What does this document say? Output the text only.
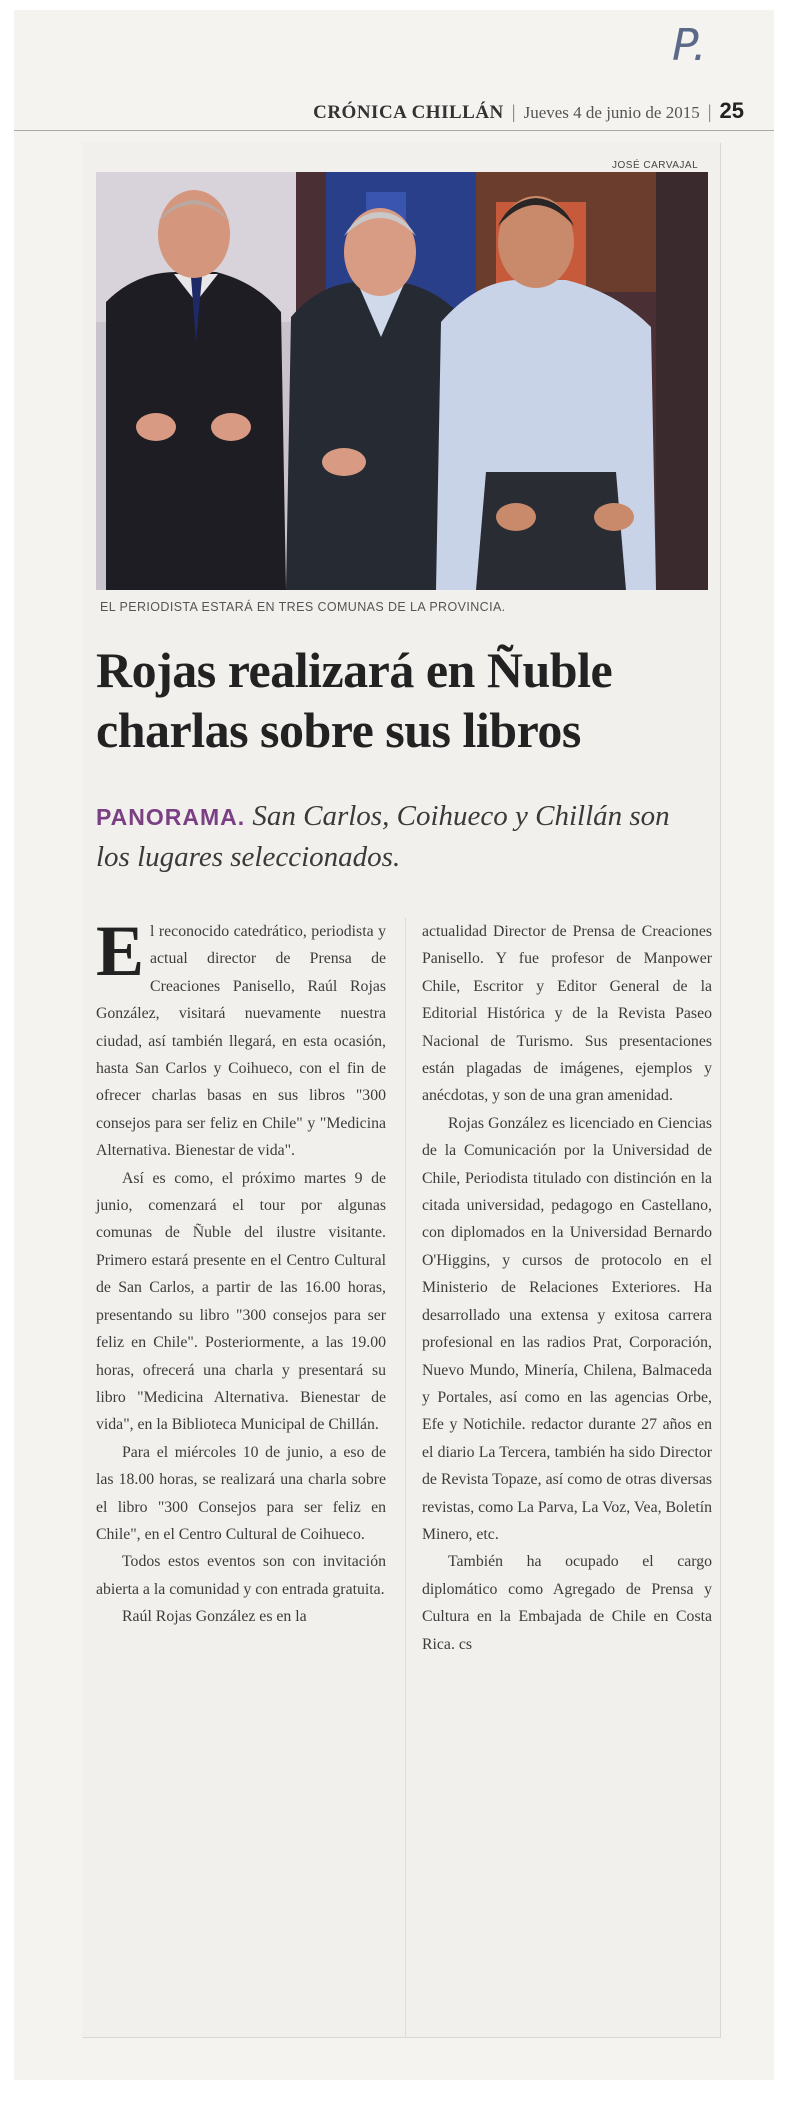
P.
CRÓNICA CHILLÁN | Jueves 4 de junio de 2015 | 25
JOSÉ CARVAJAL
EL PERIODISTA ESTARÁ EN TRES COMUNAS DE LA PROVINCIA.
Rojas realizará en Ñuble
charlas sobre sus libros
PANORAMA. San Carlos, Coihueco y Chillán son los lugares seleccionados.

El reconocido catedrático, periodista y actual director de Prensa de Creaciones Panisello, Raúl Rojas González, visitará nuevamente nuestra ciudad, así también llegará, en esta ocasión, hasta San Carlos y Coihueco, con el fin de ofrecer charlas basas en sus libros "300 consejos para ser feliz en Chile" y "Medicina Alternativa. Bienestar de vida".

Así es como, el próximo martes 9 de junio, comenzará el tour por algunas comunas de Ñuble del ilustre visitante. Primero estará presente en el Centro Cultural de San Carlos, a partir de las 16.00 horas, presentando su libro "300 consejos para ser feliz en Chile". Posteriormente, a las 19.00 horas, ofrecerá una charla y presentará su libro "Medicina Alternativa. Bienestar de vida", en la Biblioteca Municipal de Chillán.

Para el miércoles 10 de junio, a eso de las 18.00 horas, se realizará una charla sobre el libro "300 Consejos para ser feliz en Chile", en el Centro Cultural de Coihueco.

Todos estos eventos son con invitación abierta a la comunidad y con entrada gratuita.

Raúl Rojas González es en la

actualidad Director de Prensa de Creaciones Panisello. Y fue profesor de Manpower Chile, Escritor y Editor General de la Editorial Histórica y de la Revista Paseo Nacional de Turismo. Sus presentaciones están plagadas de imágenes, ejemplos y anécdotas, y son de una gran amenidad.

Rojas González es licenciado en Ciencias de la Comunicación por la Universidad de Chile, Periodista titulado con distinción en la citada universidad, pedagogo en Castellano, con diplomados en la Universidad Bernardo O'Higgins, y cursos de protocolo en el Ministerio de Relaciones Exteriores. Ha desarrollado una extensa y exitosa carrera profesional en las radios Prat, Corporación, Nuevo Mundo, Minería, Chilena, Balmaceda y Portales, así como en las agencias Orbe, Efe y Notichile. redactor durante 27 años en el diario La Tercera, también ha sido Director de Revista Topaze, así como de otras diversas revistas, como La Parva, La Voz, Vea, Boletín Minero, etc.

También ha ocupado el cargo diplomático como Agregado de Prensa y Cultura en la Embajada de Chile en Costa Rica. cs
